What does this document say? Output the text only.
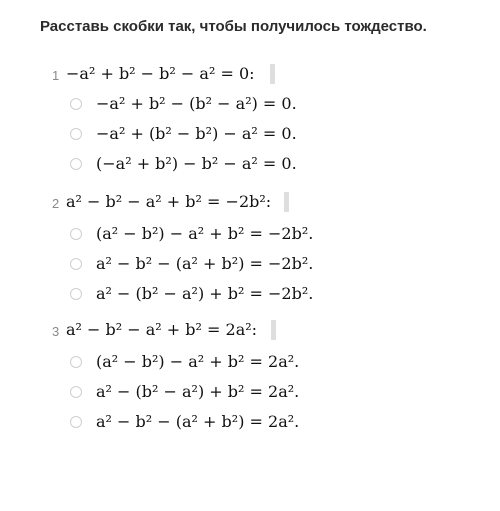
Расставь скобки так, чтобы получилось тождество.
1 −a² + b² − b² − a² = 0:
−a² + b² − (b² − a²) = 0.
−a² + (b² − b²) − a² = 0.
(−a² + b²) − b² − a² = 0.
2 a² − b² − a² + b² = −2b²:
(a² − b²) − a² + b² = −2b².
a² − b² − (a² + b²) = −2b².
a² − (b² − a²) + b² = −2b².
3 a² − b² − a² + b² = 2a²:
(a² − b²) − a² + b² = 2a².
a² − (b² − a²) + b² = 2a².
a² − b² − (a² + b²) = 2a².
